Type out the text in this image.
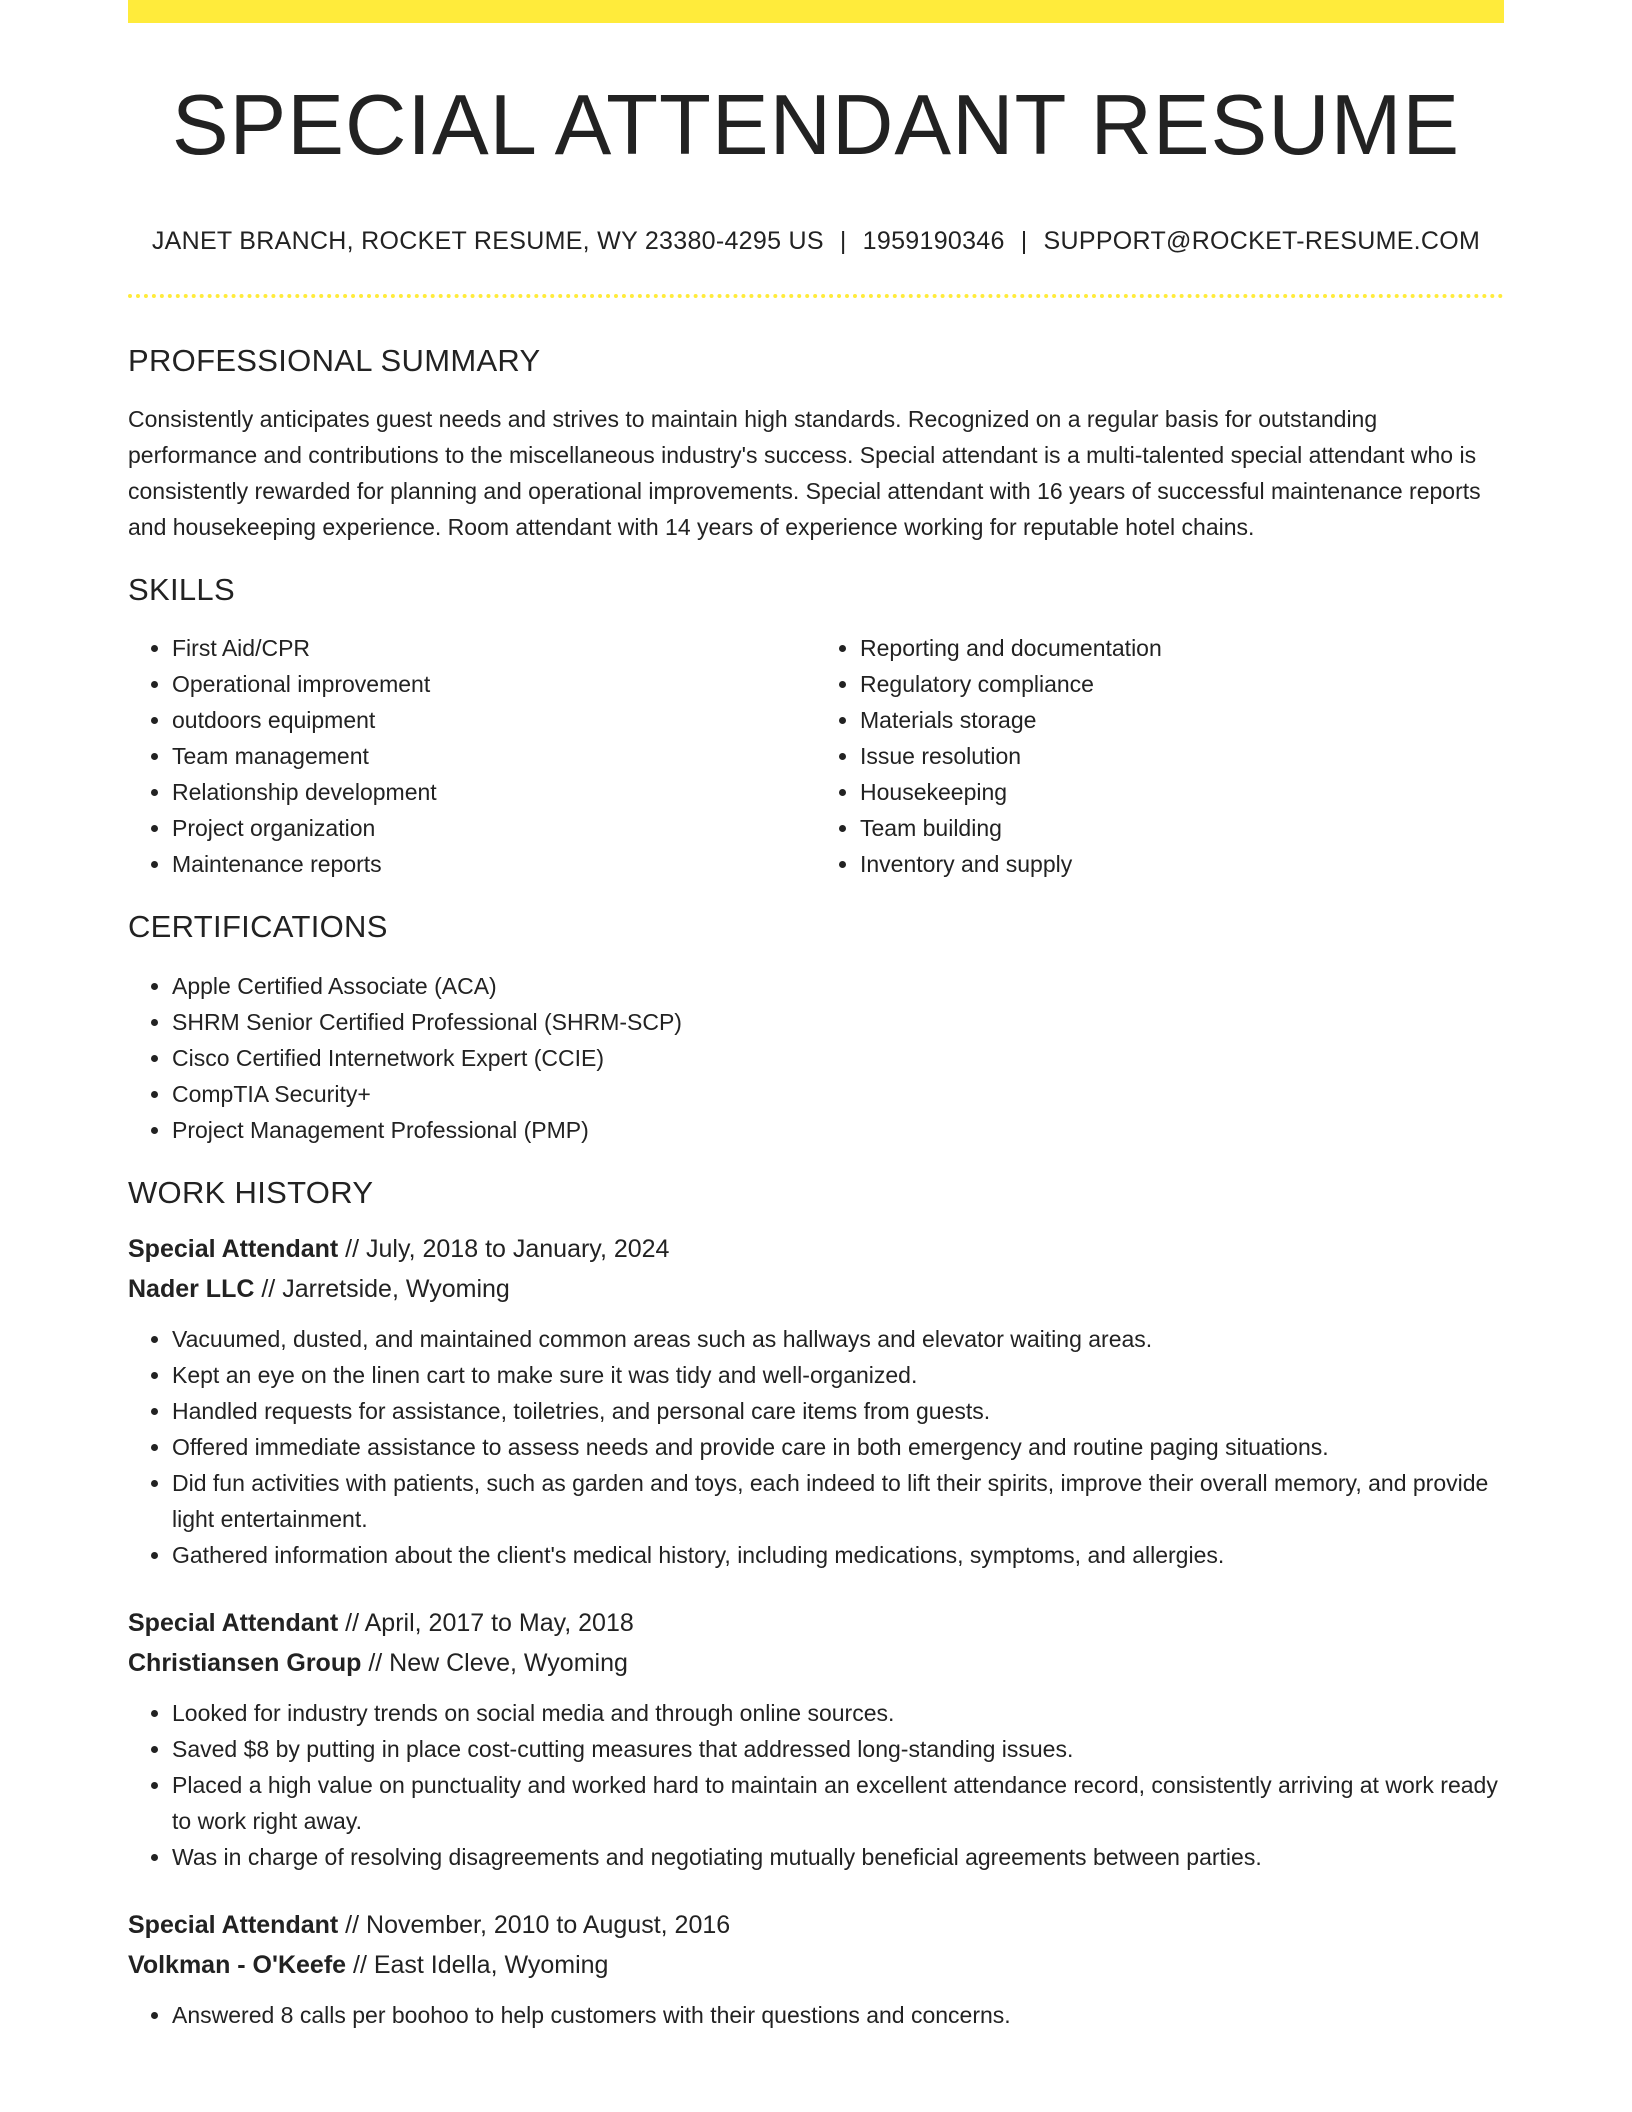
SPECIAL ATTENDANT RESUME
JANET BRANCH, ROCKET RESUME, WY 23380-4295 US | 1959190346 | SUPPORT@ROCKET-RESUME.COM
PROFESSIONAL SUMMARY
Consistently anticipates guest needs and strives to maintain high standards. Recognized on a regular basis for outstanding performance and contributions to the miscellaneous industry's success. Special attendant is a multi-talented special attendant who is consistently rewarded for planning and operational improvements. Special attendant with 16 years of successful maintenance reports and housekeeping experience. Room attendant with 14 years of experience working for reputable hotel chains.
SKILLS
• First Aid/CPR
• Operational improvement
• outdoors equipment
• Team management
• Relationship development
• Project organization
• Maintenance reports
• Reporting and documentation
• Regulatory compliance
• Materials storage
• Issue resolution
• Housekeeping
• Team building
• Inventory and supply
CERTIFICATIONS
• Apple Certified Associate (ACA)
• SHRM Senior Certified Professional (SHRM-SCP)
• Cisco Certified Internetwork Expert (CCIE)
• CompTIA Security+
• Project Management Professional (PMP)
WORK HISTORY
Special Attendant // July, 2018 to January, 2024
Nader LLC // Jarretside, Wyoming
• Vacuumed, dusted, and maintained common areas such as hallways and elevator waiting areas.
• Kept an eye on the linen cart to make sure it was tidy and well-organized.
• Handled requests for assistance, toiletries, and personal care items from guests.
• Offered immediate assistance to assess needs and provide care in both emergency and routine paging situations.
• Did fun activities with patients, such as garden and toys, each indeed to lift their spirits, improve their overall memory, and provide light entertainment.
• Gathered information about the client's medical history, including medications, symptoms, and allergies.
Special Attendant // April, 2017 to May, 2018
Christiansen Group // New Cleve, Wyoming
• Looked for industry trends on social media and through online sources.
• Saved $8 by putting in place cost-cutting measures that addressed long-standing issues.
• Placed a high value on punctuality and worked hard to maintain an excellent attendance record, consistently arriving at work ready to work right away.
• Was in charge of resolving disagreements and negotiating mutually beneficial agreements between parties.
Special Attendant // November, 2010 to August, 2016
Volkman - O'Keefe // East Idella, Wyoming
• Answered 8 calls per boohoo to help customers with their questions and concerns.
